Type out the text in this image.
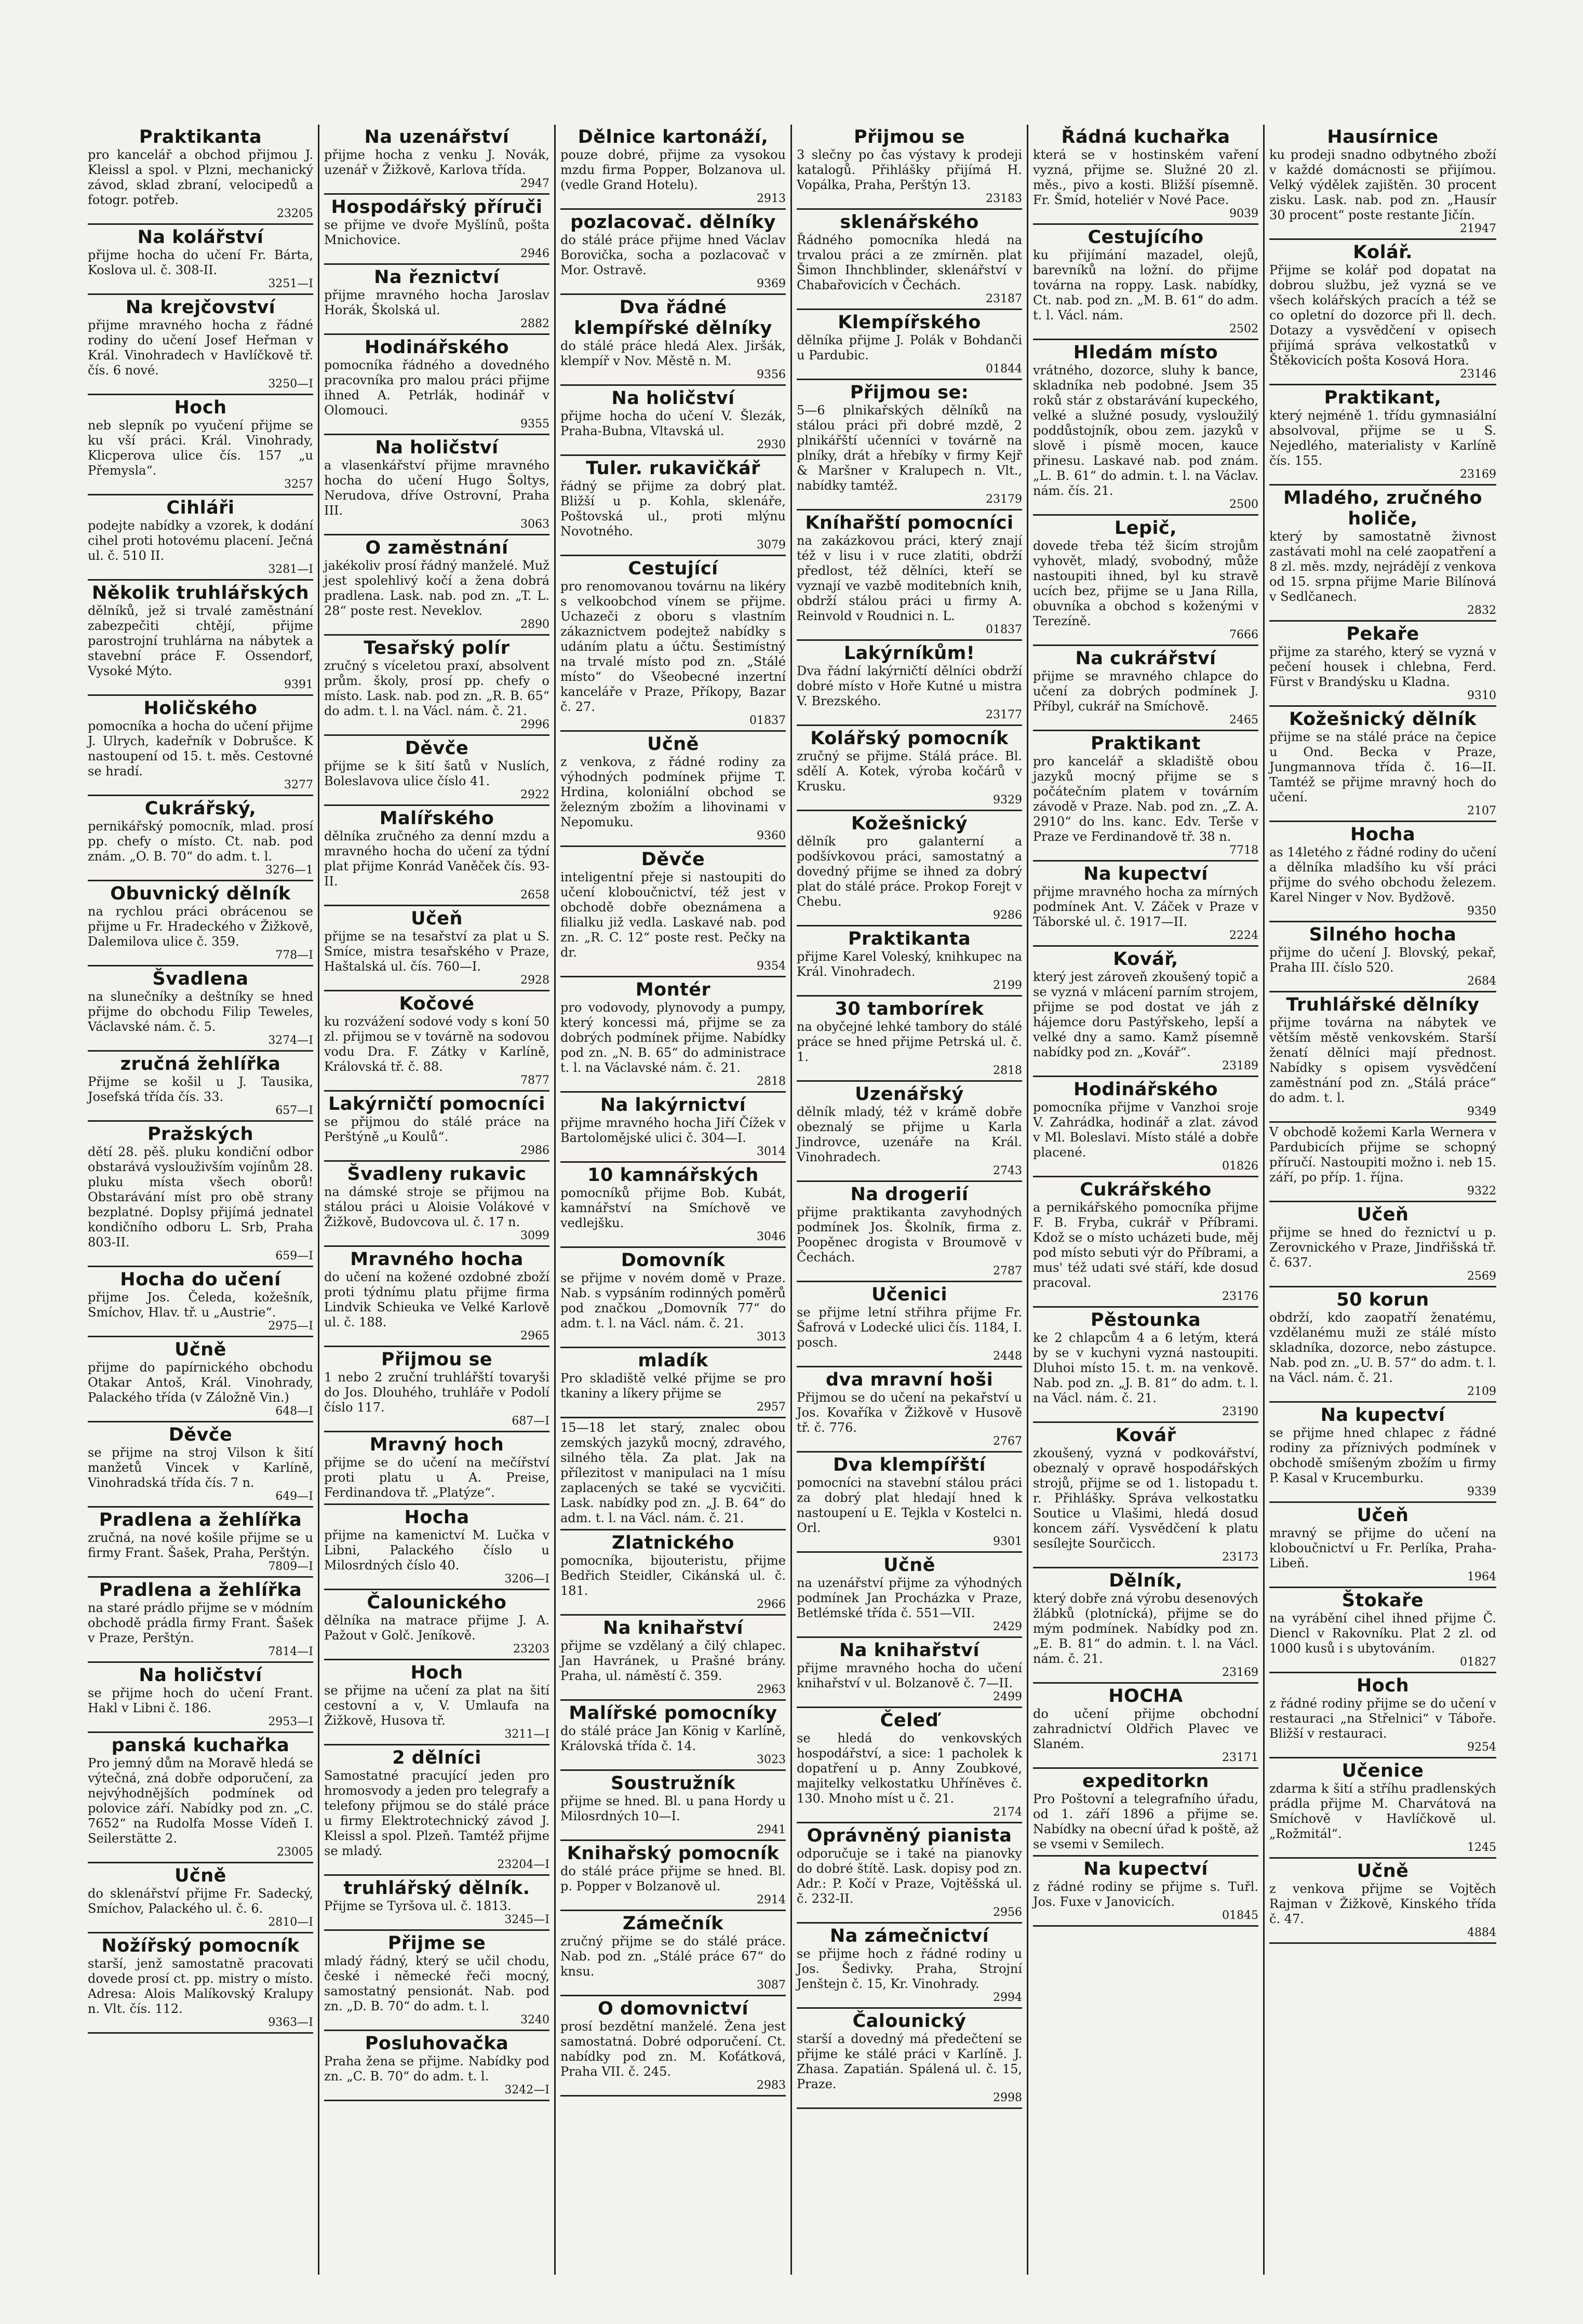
Praktikanta

pro kancelář a obchod přijmou J. Kleissl a spol. v Plzni, mechanický závod, sklad zbraní, velocipedů a fotogr. potřeb.

23205
Na kolářství

přijme hocha do učení Fr. Bárta, Koslova ul. č. 308-II.

3251—I
Na krejčovství

přijme mravného hocha z řádné rodiny do učení Josef Heřman v Král. Vinohradech v Havlíčkově tř. čís. 6 nové.

3250—I
Hoch

neb slepník po vyučení přijme se ku vší práci. Král. Vinohrady, Klicperova ulice čís. 157 „u Přemysla“.

3257
Cihláři

podejte nabídky a vzorek, k dodání cihel proti hotovému placení. Ječná ul. č. 510 II.

3281—I
Několik truhlářských

dělníků, jež si trvalé zaměstnání zabezpečiti chtějí, přijme parostrojní truhlárna na nábytek a stavební práce F. Ossendorf, Vysoké Mýto.

9391
Holičského

pomocníka a hocha do učení přijme J. Ulrych, kadeřník v Dobrušce. K nastoupení od 15. t. měs. Cestovné se hradí.

3277
Cukrářský,

pernikářský pomocník, mlad. prosí pp. chefy o místo. Ct. nab. pod znám. „O. B. 70“ do adm. t. l.

3276—1
Obuvnický dělník

na rychlou práci obrácenou se přijme u Fr. Hradeckého v Žižkově, Dalemilova ulice č. 359.

778—I
Švadlena

na slunečníky a deštníky se hned přijme do obchodu Filip Teweles, Václavské nám. č. 5.

3274—I
zručná žehlířka

Přijme se košil u J. Tausika, Josefská třída čís. 33.

657—I
Pražských

dětí 28. pěš. pluku kondiční odbor obstarává vyslouživším vojínům 28. pluku místa všech oborů! Obstarávání míst pro obě strany bezplatné. Doplsy přijímá jednatel kondičního odboru L. Srb, Praha 803-II.

659—I
Hocha do učení

přijme Jos. Čeleda, kožešník, Smíchov, Hlav. tř. u „Austrie“.

2975—I
Učně

přijme do papírnického obchodu Otakar Antoš, Král. Vinohrady, Palackého třída (v Záložně Vin.)

648—I
Děvče

se přijme na stroj Vilson k šití manžetů Vincek v Karlíně, Vinohradská třída čís. 7 n.

649—I
Pradlena a žehlířka

zručná, na nové košile přijme se u firmy Frant. Šašek, Praha, Perštýn.

7809—I
Pradlena a žehlířka

na staré prádlo přijme se v módním obchodě prádla firmy Frant. Šašek v Praze, Perštýn.

7814—I
Na holičství

se přijme hoch do učení Frant. Hakl v Libni č. 186.

2953—I
panská kuchařka

Pro jemný dům na Moravě hledá se výtečná, zná dobře odporučení, za nejvýhodnějších podmínek od polovice září. Nabídky pod zn. „C. 7652“ na Rudolfa Mosse Vídeň I. Seilerstätte 2.

23005
Učně

do sklenářství přijme Fr. Sadecký, Smíchov, Palackého ul. č. 6.

2810—I
Nožířský pomocník

starší, jenž samostatně pracovati dovede prosí ct. pp. mistry o místo. Adresa: Alois Malíkovský Kralupy n. Vlt. čís. 112.

9363—I
Na uzenářství

přijme hocha z venku J. Novák, uzenář v Žižkově, Karlova třída.

2947
Hospodářský příruči

se přijme ve dvoře Myšlínů, pošta Mnichovice.

2946
Na řeznictví

přijme mravného hocha Jaroslav Horák, Školská ul.

2882
Hodinářského

pomocníka řádného a dovedného pracovníka pro malou práci přijme ihned A. Petrlák, hodinář v Olomouci.

9355
Na holičství

a vlasenkářství přijme mravného hocha do učení Hugo Šoltys, Nerudova, dříve Ostrovní, Praha III.

3063
O zaměstnání

jakékoliv prosí řádný manželé. Muž jest spolehlivý kočí a žena dobrá pradlena. Lask. nab. pod zn. „T. L. 28“ poste rest. Neveklov.

2890
Tesařský polír

zručný s víceletou praxí, absolvent prům. školy, prosí pp. chefy o místo. Lask. nab. pod zn. „R. B. 65“ do adm. t. l. na Václ. nám. č. 21.

2996
Děvče

přijme se k šití šatů v Nuslích, Boleslavova ulice číslo 41.

2922
Malířského

dělníka zručného za denní mzdu a mravného hocha do učení za týdní plat přijme Konrád Vaněček čís. 93-II.

2658
Učeň

přijme se na tesařství za plat u S. Smíce, mistra tesařského v Praze, Haštalská ul. čís. 760—I.

2928
Kočové

ku rozvážení sodové vody s koní 50 zl. přijmou se v továrně na sodovou vodu Dra. F. Zátky v Karlíně, Královská tř. č. 88.

7877
Lakýrničtí pomocníci

se přijmou do stálé práce na Perštýně „u Koulů“.

2986
Švadleny rukavic

na dámské stroje se přijmou na stálou práci u Aloisie Volákové v Žižkově, Budovcova ul. č. 17 n.

3099
Mravného hocha

do učení na kožené ozdobné zboží proti týdnímu platu přijme firma Lindvik Schieuka ve Velké Karlově ul. č. 188.

2965
Přijmou se

1 nebo 2 zruční truhlářští tovaryši do Jos. Dlouhého, truhláře v Podolí číslo 117.

687—I
Mravný hoch

přijme se do učení na mečířství proti platu u A. Preise, Ferdinandova tř. „Platýze“.

Hocha

přijme na kamenictví M. Lučka v Libni, Palackého číslo u Milosrdných číslo 40.

3206—I
Čalounického

dělníka na matrace přijme J. A. Pažout v Golč. Jeníkově.

23203
Hoch

se přijme na učení za plat na šití cestovní a v, V. Umlaufa na Žižkově, Husova tř.

3211—I
2 dělníci

Samostatné pracující jeden pro hromosvody a jeden pro telegrafy a telefony přijmou se do stálé práce u firmy Elektrotechnický závod J. Kleissl a spol. Plzeň. Tamtéž přijme se mladý.

23204—I
truhlářský dělník.

Přijme se Tyršova ul. č. 1813.

3245—I
Přijme se

mladý řádný, který se učil chodu, české i německé řeči mocný, samostatný pensionát. Nab. pod zn. „D. B. 70“ do adm. t. l.

3240
Posluhovačka

Praha žena se přijme. Nabídky pod zn. „C. B. 70“ do adm. t. l.

3242—I
Dělnice kartonáží,

pouze dobré, přijme za vysokou mzdu firma Popper, Bolzanova ul. (vedle Grand Hotelu).

2913
pozlacovač. dělníky

do stálé práce přijme hned Václav Borovička, socha a pozlacovač v Mor. Ostravě.

9369
Dva řádné klempířské dělníky

do stálé práce hledá Alex. Jiršák, klempíř v Nov. Městě n. M.

9356
Na holičství

přijme hocha do učení V. Šlezák, Praha-Bubna, Vltavská ul.

2930
Tuler. rukavičkář

řádný se přijme za dobrý plat. Bližší u p. Kohla, sklenáře, Poštovská ul., proti mlýnu Novotného.

3079
Cestující

pro renomovanou továrnu na likéry s velkoobchod vínem se přijme. Uchazeči z oboru s vlastním zákaznictvem podejtež nabídky s udáním platu a účtu. Šestimístný na trvalé místo pod zn. „Stálé místo“ do Všeobecné inzertní kanceláře v Praze, Příkopy, Bazar č. 27.

01837
Učně

z venkova, z řádné rodiny za výhodných podmínek přijme T. Hrdina, koloniální obchod se železným zbožím a lihovinami v Nepomuku.

9360
Děvče

inteligentní přeje si nastoupiti do učení kloboučnictví, též jest v obchodě dobře obeznámena a filialku již vedla. Laskavé nab. pod zn. „R. C. 12“ poste rest. Pečky na dr.

9354
Montér

pro vodovody, plynovody a pumpy, který koncessi má, přijme se za dobrých podmínek přijme. Nabídky pod zn. „N. B. 65“ do administrace t. l. na Václavské nám. č. 21.

2818
Na lakýrnictví

přijme mravného hocha Jiří Čížek v Bartolomějské ulici č. 304—I.

3014
10 kamnářských

pomocníků přijme Bob. Kubát, kamnářství na Smíchově ve vedlejšku.

3046
Domovník

se přijme v novém domě v Praze. Nab. s vypsáním rodinných poměrů pod značkou „Domovník 77“ do adm. t. l. na Václ. nám. č. 21.

3013
mladík

Pro skladiště velké přijme se pro tkaniny a líkery přijme se

2957

15—18 let starý, znalec obou zemských jazyků mocný, zdravého, silného těla. Za plat. Jak na přílezitost v manipulaci na 1 mísu zaplacených se také se vycvičiti. Lask. nabídky pod zn. „J. B. 64“ do adm. t. l. na Václ. nám. č. 21.

Zlatnického

pomocníka, bijouteristu, přijme Bedřich Steidler, Cikánská ul. č. 181.

2966
Na knihařství

přijme se vzdělaný a čilý chlapec. Jan Havránek, u Prašné brány. Praha, ul. náměstí č. 359.

2963
Malířské pomocníky

do stálé práce Jan König v Karlíně, Královská třída č. 14.

3023
Soustružník

přijme se hned. Bl. u pana Hordy u Milosrdných 10—I.

2941
Knihařský pomocník

do stálé práce přijme se hned. Bl. p. Popper v Bolzanově ul.

2914
Zámečník

zručný přijme se do stálé práce. Nab. pod zn. „Stálé práce 67“ do knsu.

3087
O domovnictví

prosí bezdětní manželé. Žena jest samostatná. Dobré odporučení. Ct. nabídky pod zn. M. Koťátková, Praha VII. č. 245.

2983
Přijmou se

3 slečny po čas výstavy k prodeji katalogů. Přihlášky přijímá H. Vopálka, Praha, Perštýn 13.

23183
sklenářského

Řádného pomocníka hledá na trvalou práci a ze zmírněn. plat Šimon Ihnchblinder, sklenářství v Chabařovicích v Čechách.

23187
Klempířského

dělníka přijme J. Polák v Bohdanči u Pardubic.

01844
Přijmou se:

5—6 plnikařských dělníků na stálou práci při dobré mzdě, 2 plnikářští učenníci v továrně na plníky, drát a hřebíky v firmy Kejř & Maršner v Kralupech n. Vlt., nabídky tamtéž.

23179
Kníhařští pomocníci

na zakázkovou práci, který znají též v lisu i v ruce zlatiti, obdrží předlost, též dělníci, kteří se vyznají ve vazbě moditebních knih, obdrží stálou práci u firmy A. Reinvold v Roudnici n. L.

01837
Lakýrníkům!

Dva řádní lakýrničtí dělníci obdrží dobré místo v Hoře Kutné u mistra V. Brezského.

23177
Kolářský pomocník

zručný se přijme. Stálá práce. Bl. sdělí A. Kotek, výroba kočárů v Krusku.

9329
Kožešnický

dělník pro galanterní a podšívkovou práci, samostatný a dovedný přijme se ihned za dobrý plat do stálé práce. Prokop Forejt v Chebu.

9286
Praktikanta

přijme Karel Voleský, knihkupec na Král. Vinohradech.

2199
30 tamborírek

na obyčejné lehké tambory do stálé práce se hned přijme Petrská ul. č. 1.

2818
Uzenářský

dělník mladý, též v krámě dobře obeznalý se přijme u Karla Jindrovce, uzenáře na Král. Vinohradech.

2743
Na drogerií

přijme praktikanta zavyhodných podmínek Jos. Školník, firma z. Poopěnec drogista v Broumově v Čechách.

2787
Učenici

se přijme letní střihra přijme Fr. Šafrová v Lodecké ulici čís. 1184, I. posch.

2448
dva mravní hoši

Přijmou se do učení na pekařství u Jos. Kovaříka v Žižkově v Husově tř. č. 776.

2767
Dva klempířští

pomocníci na stavební stálou práci za dobrý plat hledají hned k nastoupení u E. Tejkla v Kostelci n. Orl.

9301
Učně

na uzenářství přijme za výhodných podmínek Jan Procházka v Praze, Betlémské třída č. 551—VII.

2429
Na knihařství

přijme mravného hocha do učení knihařství v ul. Bolzanově č. 7—II.

2499
Čeleď

se hledá do venkovských hospodářství, a sice: 1 pacholek k dopatření u p. Anny Zoubkové, majitelky velkostatku Uhříněves č. 130. Mnoho míst u č. 21.

2174
Oprávněný pianista

odporučuje se i také na pianovky do dobré štítě. Lask. dopisy pod zn. Adr.: P. Kočí v Praze, Vojtěšská ul. č. 232-II.

2956
Na zámečnictví

se přijme hoch z řádné rodiny u Jos. Šedivky. Praha, Strojní Jenštejn č. 15, Kr. Vinohrady.

2994
Čalounický

starší a dovedný má předečtení se přijme ke stálé práci v Karlíně. J. Zhasa. Zapatián. Spálená ul. č. 15, Praze.

2998
Řádná kuchařka

která se v hostinském vaření vyzná, přijme se. Služné 20 zl. měs., pivo a kosti. Bližší písemně. Fr. Šmíd, hoteliér v Nové Pace.

9039
Cestujícího

ku přijímání mazadel, olejů, barevníků na ložní. do přijme továrna na roppy. Lask. nabídky, Ct. nab. pod zn. „M. B. 61“ do adm. t. l. Václ. nám.

2502
Hledám místo

vrátného, dozorce, sluhy k bance, skladníka neb podobné. Jsem 35 roků stár z obstarávání kupeckého, velké a služné posudy, vysloužilý poddůstojník, obou zem. jazyků v slově i písmě mocen, kauce přinesu. Laskavé nab. pod znám. „L. B. 61“ do admin. t. l. na Václav. nám. čís. 21.

2500
Lepič,

dovede třeba též šicím strojům vyhovět, mladý, svobodný, může nastoupiti ihned, byl ku stravě ucích bez, přijme se u Jana Rilla, obuvníka a obchod s koženými v Terezíně.

7666
Na cukrářství

přijme se mravného chlapce do učení za dobrých podmínek J. Příbyl, cukrář na Smíchově.

2465
Praktikant

pro kancelář a skladiště obou jazyků mocný přijme se s počátečním platem v továrním závodě v Praze. Nab. pod zn. „Z. A. 2910“ do lns. kanc. Edv. Terše v Praze ve Ferdinandově tř. 38 n.

7718
Na kupectví

přijme mravného hocha za mírných podmínek Ant. V. Záček v Praze v Táborské ul. č. 1917—II.

2224
Kovář,

který jest zároveň zkoušený topič a se vyzná v mlácení parním strojem, přijme se pod dostat ve jáh z hájemce doru Pastýřskeho, lepší a velké dny a samo. Kamž písemně nabídky pod zn. „Kovář“.

23189
Hodinářského

pomocníka přijme v Vanzhoi sroje V. Zahrádka, hodinář a zlat. závod v Ml. Boleslavi. Místo stálé a dobře placené.

01826
Cukrářského

a pernikářského pomocníka přijme F. B. Fryba, cukrář v Příbrami. Kdož se o místo ucházeti bude, měj pod místo sebuti výr do Příbrami, a mus' též udati své stáří, kde dosud pracoval.

23176
Pěstounka

ke 2 chlapcům 4 a 6 letým, která by se v kuchyni vyzná nastoupiti. Dluhoi místo 15. t. m. na venkově. Nab. pod zn. „J. B. 81“ do adm. t. l. na Václ. nám. č. 21.

23190
Kovář

zkoušený, vyzná v podkovářství, obeznalý v opravě hospodářských strojů, přijme se od 1. listopadu t. r. Přihlášky. Správa velkostatku Soutice u Vlašimi, hledá dosud koncem září. Vysvědčení k platu sesílejte Sourčicch.

23173
Dělník,

který dobře zná výrobu desenových žlábků (plotnícká), přijme se do mým podmínek. Nabídky pod zn. „E. B. 81“ do admin. t. l. na Václ. nám. č. 21.

23169
HOCHA

do učení přijme obchodní zahradnictví Oldřich Plavec ve Slaném.

23171
expeditorkn

Pro Poštovní a telegrafního úřadu, od 1. září 1896 a přijme se. Nabídky na obecní úřad k poště, až se vsemi v Semilech.

Na kupectví

z řádné rodiny se přijme s. Tuřl. Jos. Fuxe v Janovicích.

01845
Hausírnice

ku prodeji snadno odbytného zboží v každé domácnosti se přijímou. Velký výdělek zajištěn. 30 procent zisku. Lask. nab. pod zn. „Hausír 30 procent“ poste restante Jičín.

21947
Kolář.

Přijme se kolář pod dopatat na dobrou službu, jež vyzná se ve všech kolářských pracích a též se co opletní do dozorce při ll. dech. Dotazy a vysvědčení v opisech přijímá správa velkostatků v Štěkovicích pošta Kosová Hora.

23146
Praktikant,

který nejméně 1. třídu gymnasiální absolvoval, přijme se u S. Nejedlého, materialisty v Karlíně čís. 155.

23169
Mladého, zručného holiče,

který by samostatně živnost zastávati mohl na celé zaopatření a 8 zl. měs. mzdy, nejrádějí z venkova od 15. srpna přijme Marie Bilínová v Sedlčanech.

2832
Pekaře

přijme za starého, který se vyzná v pečení housek i chlebna, Ferd. Fürst v Brandýsku u Kladna.

9310
Kožešnický dělník

přijme se na stálé práce na čepice u Ond. Becka v Praze, Jungmannova třída č. 16—II. Tamtéž se přijme mravný hoch do učení.

2107
Hocha

as 14letého z řádné rodiny do učení a dělníka mladšího ku vší práci přijme do svého obchodu železem. Karel Ninger v Nov. Bydžově.

9350
Silného hocha

přijme do učení J. Blovský, pekař, Praha III. číslo 520.

2684
Truhlářské dělníky

přijme továrna na nábytek ve větším městě venkovském. Starší ženatí dělníci mají přednost. Nabídky s opisem vysvědčení zaměstnání pod zn. „Stálá práce“ do adm. t. l.

9349

V obchodě kožemi Karla Wernera v Pardubicích přijme se schopný příručí. Nastoupiti možno i. neb 15. září, po příp. 1. října.

9322
Učeň

přijme se hned do řeznictví u p. Zerovnického v Praze, Jindřišská tř. č. 637.

2569
50 korun

obdrží, kdo zaopatří ženatému, vzdělanému muži ze stálé místo skladníka, dozorce, nebo zástupce. Nab. pod zn. „U. B. 57“ do adm. t. l. na Václ. nám. č. 21.

2109
Na kupectví

se přijme hned chlapec z řádné rodiny za příznivých podmínek v obchodě smíšeným zbožím u firmy P. Kasal v Krucemburku.

9339
Učeň

mravný se přijme do učení na kloboučnictví u Fr. Perlíka, Praha-Libeň.

1964
Štokaře

na vyrábění cihel ihned přijme Č. Diencl v Rakovníku. Plat 2 zl. od 1000 kusů i s ubytováním.

01827
Hoch

z řádné rodiny přijme se do učení v restauraci „na Střelnici“ v Táboře. Bližší v restauraci.

9254
Učenice

zdarma k šití a stříhu pradlenských prádla přijme M. Charvátová na Smíchově v Havlíčkově ul. „Rožmitál“.

1245
Učně

z venkova přijme se Vojtěch Rajman v Žižkově, Kinského třída č. 47.

4884
